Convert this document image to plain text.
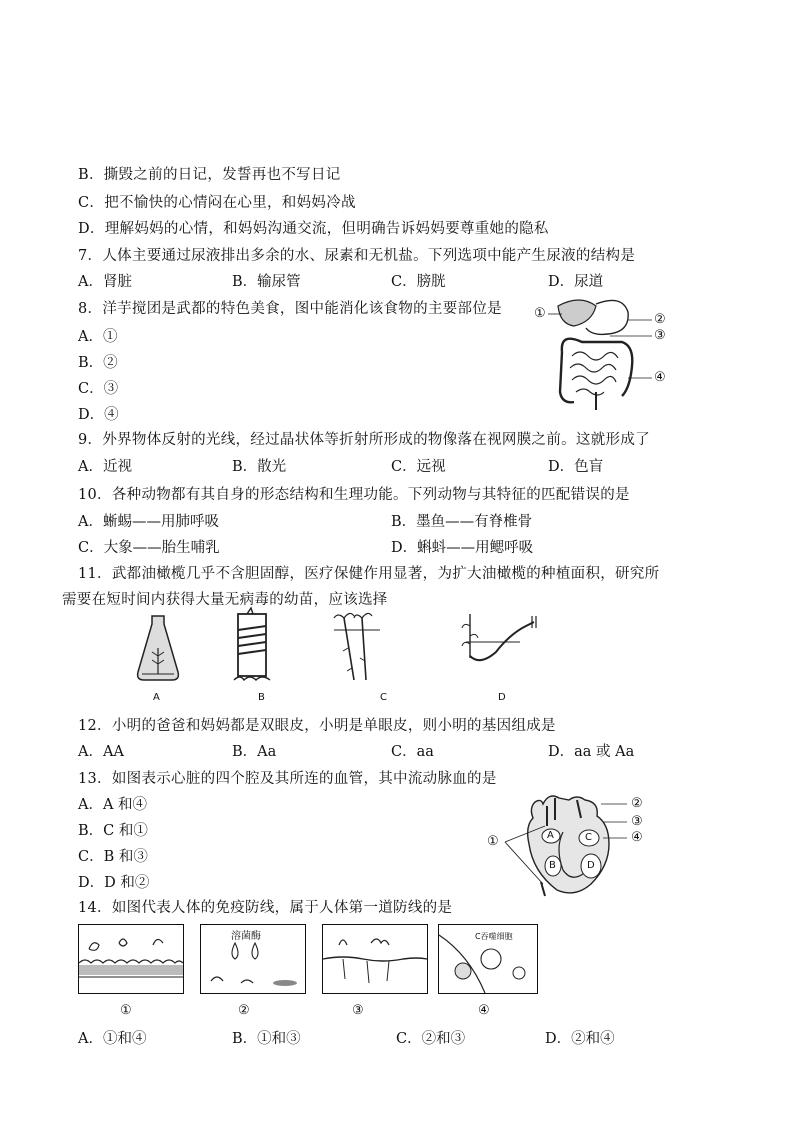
B．撕毁之前的日记，发誓再也不写日记
C．把不愉快的心情闷在心里，和妈妈冷战
D．理解妈妈的心情，和妈妈沟通交流，但明确告诉妈妈要尊重她的隐私
7．人体主要通过尿液排出多余的水、尿素和无机盐。下列选项中能产生尿液的结构是
A．肾脏	B．输尿管	C．膀胱	D．尿道
8．洋芋搅团是武都的特色美食，图中能消化该食物的主要部位是
A．①
B．②
C．③
D．④
①	②
③
④
9．外界物体反射的光线，经过晶状体等折射所形成的物像落在视网膜之前。这就形成了
A．近视	B．散光	C．远视	D．色盲
10．各种动物都有其自身的形态结构和生理功能。下列动物与其特征的匹配错误的是
A．蜥蜴——用肺呼吸	B．墨鱼——有脊椎骨
C．大象——胎生哺乳	D．蝌蚪——用鳃呼吸
11．武都油橄榄几乎不含胆固醇，医疗保健作用显著，为扩大油橄榄的种植面积，研究所
需要在短时间内获得大量无病毒的幼苗，应该选择
A	B	C	D
12．小明的爸爸和妈妈都是双眼皮，小明是单眼皮，则小明的基因组成是
A．AA	B．Aa	C．aa	D．aa 或 Aa
13．如图表示心脏的四个腔及其所连的血管，其中流动脉血的是
A．A 和④
B．C 和①
C．B 和③
D．D 和②
①
②
③
④
A
B
C
D
14．如图代表人体的免疫防线，属于人体第一道防线的是
溶菌酶	C吞噬细胞
①	②	③	④
A．①和④	B．①和③	C．②和③	D．②和④
